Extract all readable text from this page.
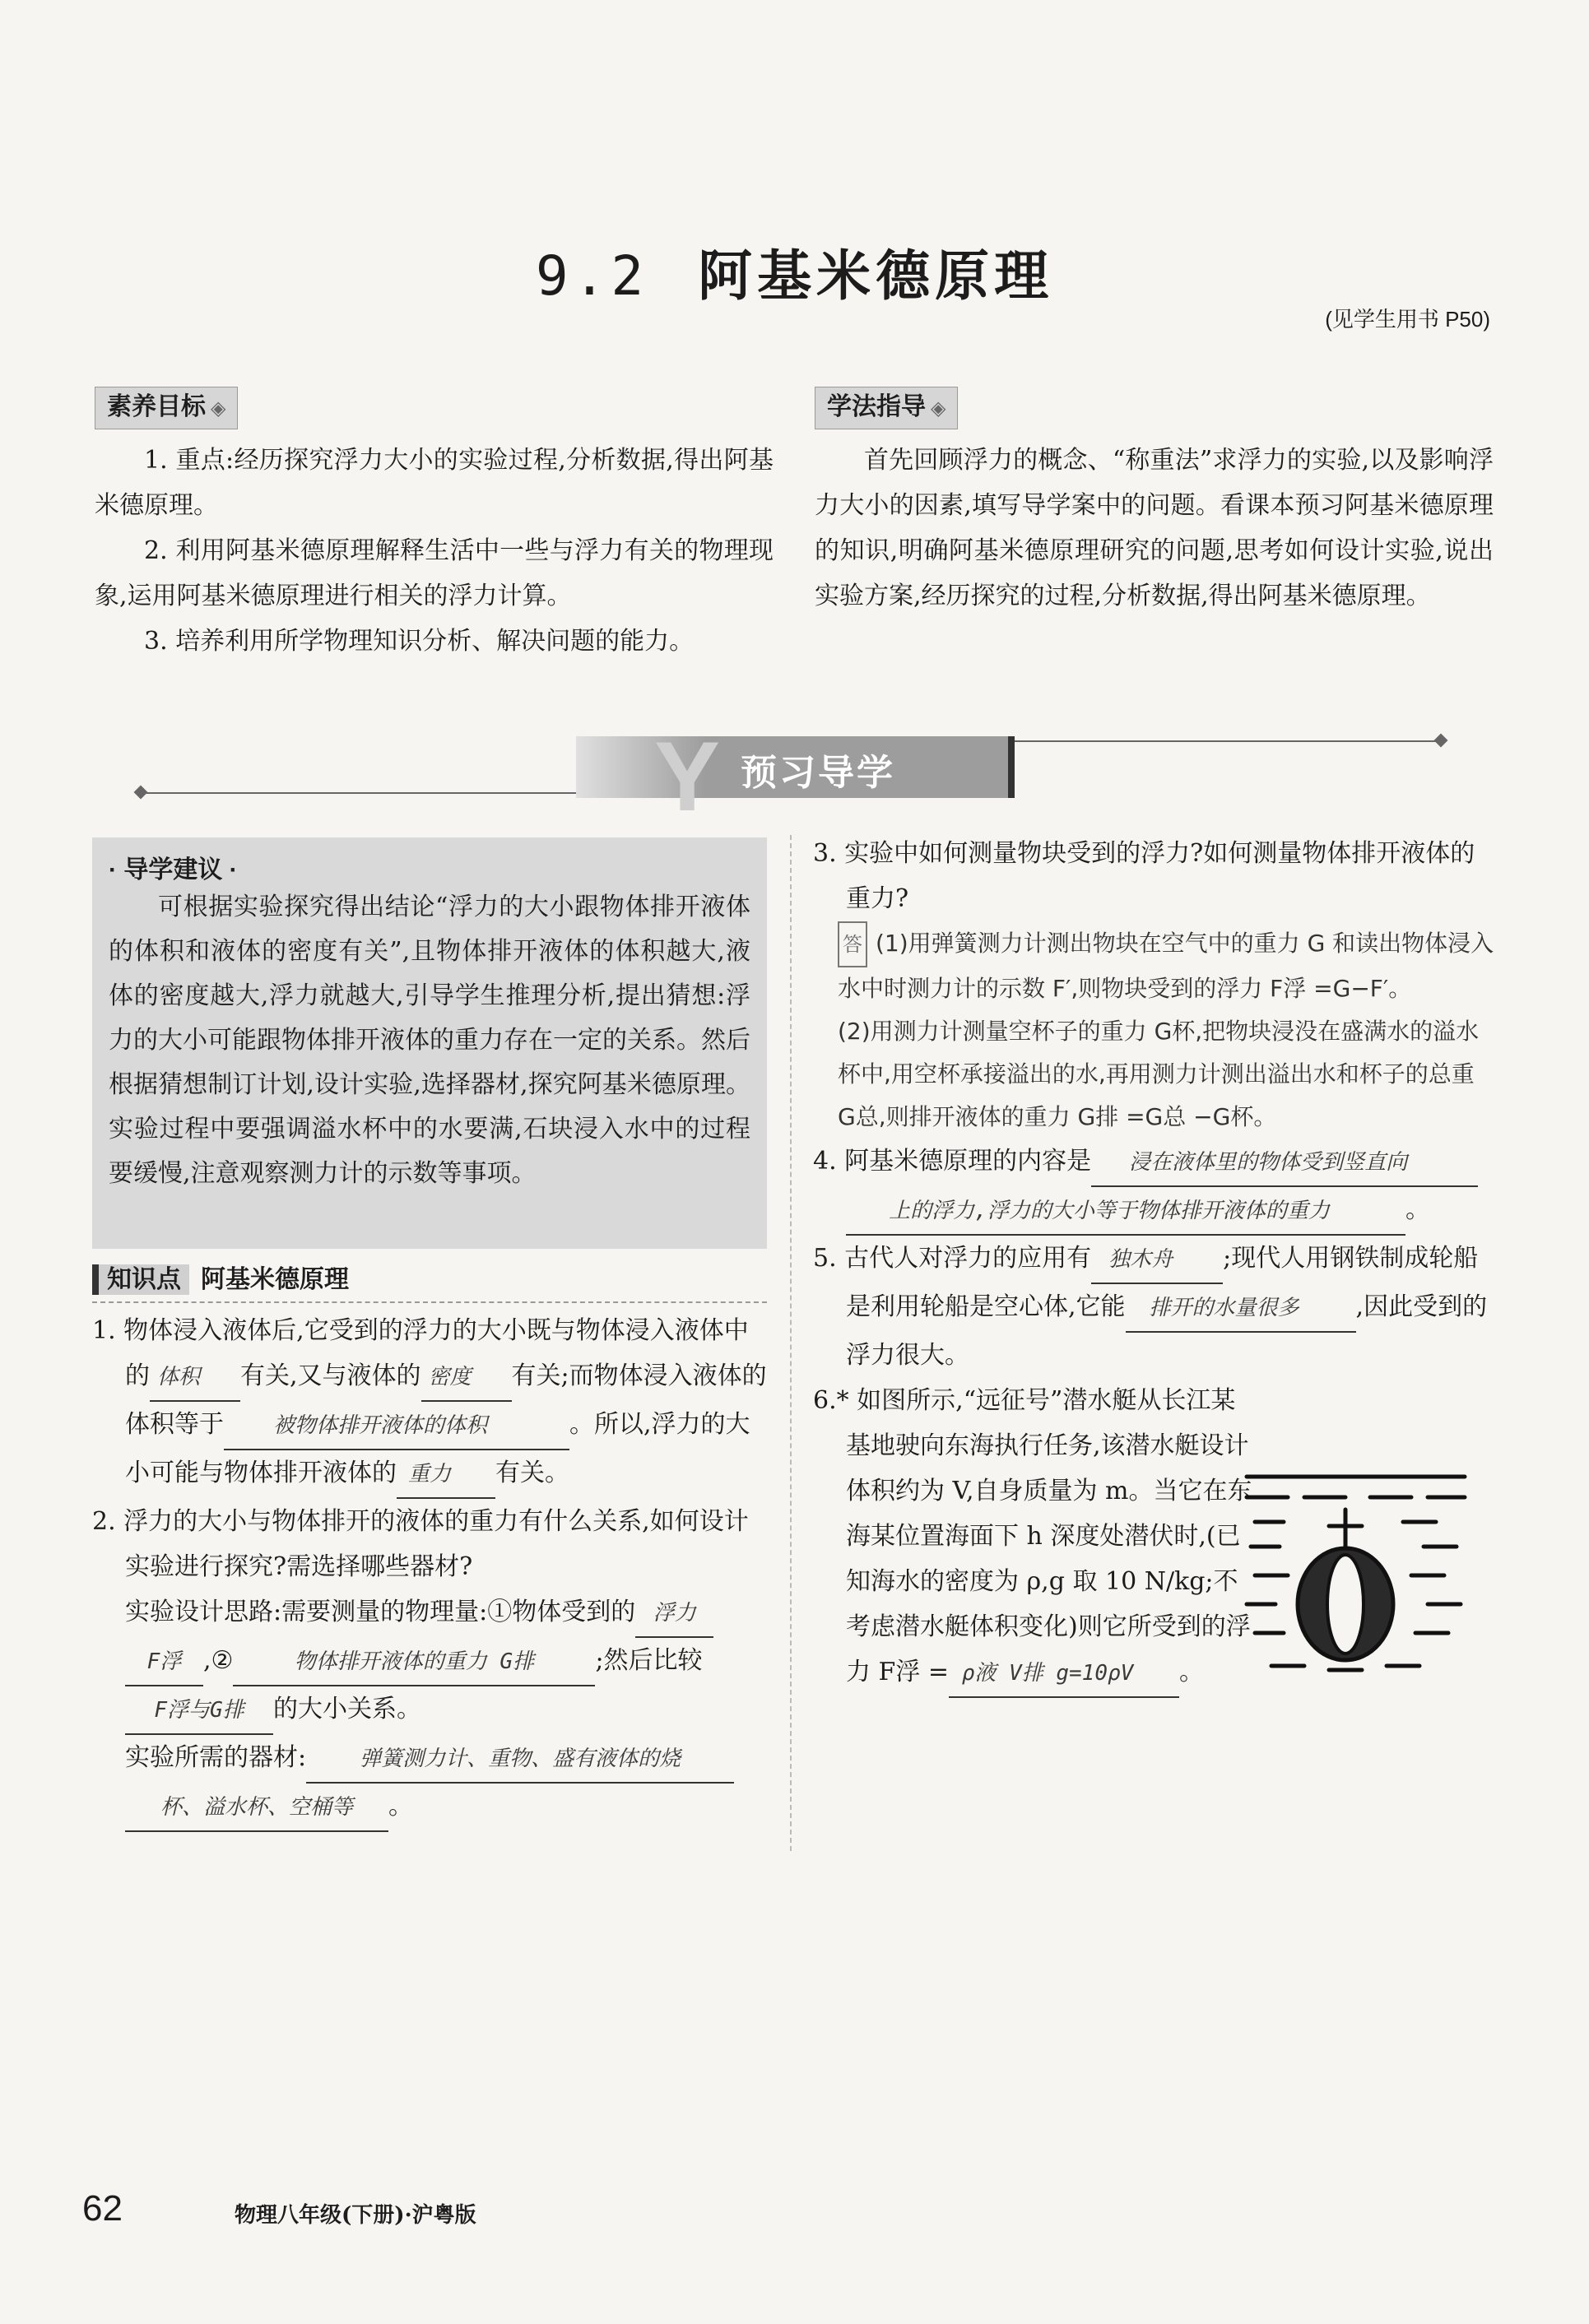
9.2 阿基米德原理
(见学生用书 P50)
素养目标 ◈

1. 重点:经历探究浮力大小的实验过程,分析数据,得出阿基米德原理。

2. 利用阿基米德原理解释生活中一些与浮力有关的物理现象,运用阿基米德原理进行相关的浮力计算。

3. 培养利用所学物理知识分析、解决问题的能力。

学法指导 ◈

首先回顾浮力的概念、“称重法”求浮力的实验,以及影响浮力大小的因素,填写导学案中的问题。看课本预习阿基米德原理的知识,明确阿基米德原理研究的问题,思考如何设计实验,说出实验方案,经历探究的过程,分析数据,得出阿基米德原理。

Y 预习导学
· 导学建议 ·

可根据实验探究得出结论“浮力的大小跟物体排开液体的体积和液体的密度有关”,且物体排开液体的体积越大,液体的密度越大,浮力就越大,引导学生推理分析,提出猜想:浮力的大小可能跟物体排开液体的重力存在一定的关系。然后根据猜想制订计划,设计实验,选择器材,探究阿基米德原理。实验过程中要强调溢水杯中的水要满,石块浸入水中的过程要缓慢,注意观察测力计的示数等事项。

知识点 阿基米德原理

1. 物体浸入液体后,它受到的浮力的大小既与物体浸入液体中的 体积 有关,又与液体的 密度 有关;而物体浸入液体的体积等于 被物体排开液体的体积	。所以,浮力的大小可能与物体排开液体的 重力 有关。

2. 浮力的大小与物体排开的液体的重力有什么关系,如何设计实验进行探究?需选择哪些器材?

实验设计思路:需要测量的物理量:①物体受到的 浮力F浮 ,②	物体排开液体的重力 G排 ;然后比较F浮与G排 的大小关系。

实验所需的器材: 弹簧测力计、重物、盛有液体的烧杯、溢水杯、空桶等 。

3. 实验中如何测量物块受到的浮力?如何测量物体排开液体的重力?

答 (1)用弹簧测力计测出物块在空气中的重力 G 和读出物体浸入水中时测力计的示数 F′,则物块受到的浮力 F浮 =G−F′。

(2)用测力计测量空杯子的重力 G杯,把物块浸没在盛满水的溢水杯中,用空杯承接溢出的水,再用测力计测出溢出水和杯子的总重 G总,则排开液体的重力 G排 =G总 −G杯。

4. 阿基米德原理的内容是 浸在液体里的物体受到竖直向上的浮力,浮力的大小等于物体排开液体的重力	。

5. 古代人对浮力的应用有 独木舟 ;现代人用钢铁制成轮船是利用轮船是空心体,它能 排开的水量很多 ,因此受到的浮力很大。

6.* 如图所示,“远征号”潜水艇从长江某基地驶向东海执行任务,该潜水艇设计体积约为 V,自身质量为 m。当它在东海某位置海面下 h 深度处潜伏时,(已知海水的密度为 ρ,g 取 10 N/kg;不考虑潜水艇体积变化)则它所受到的浮力 F浮 = ρ液 V排 g=10ρV 。

62	物理八年级(下册)·沪粤版
